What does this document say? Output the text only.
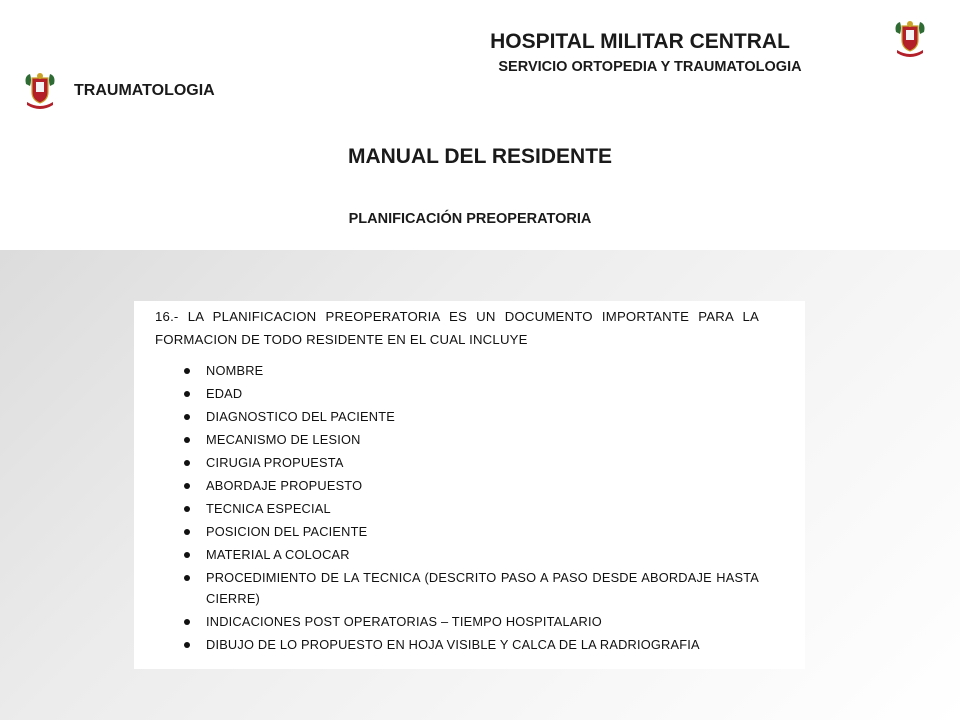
HOSPITAL MILITAR CENTRAL
SERVICIO ORTOPEDIA Y TRAUMATOLOGIA
TRAUMATOLOGIA
MANUAL DEL RESIDENTE
PLANIFICACIÓN PREOPERATORIA

16.- LA PLANIFICACION PREOPERATORIA ES UN DOCUMENTO IMPORTANTE PARA LA FORMACION DE TODO RESIDENTE EN EL CUAL INCLUYE

NOMBRE
EDAD
DIAGNOSTICO DEL PACIENTE
MECANISMO DE LESION
CIRUGIA PROPUESTA
ABORDAJE PROPUESTO
TECNICA ESPECIAL
POSICION DEL PACIENTE
MATERIAL A COLOCAR
PROCEDIMIENTO DE LA TECNICA (DESCRITO PASO A PASO DESDE ABORDAJE HASTA CIERRE)
INDICACIONES POST OPERATORIAS – TIEMPO HOSPITALARIO
DIBUJO DE LO PROPUESTO EN HOJA VISIBLE Y CALCA DE LA RADRIOGRAFIA
